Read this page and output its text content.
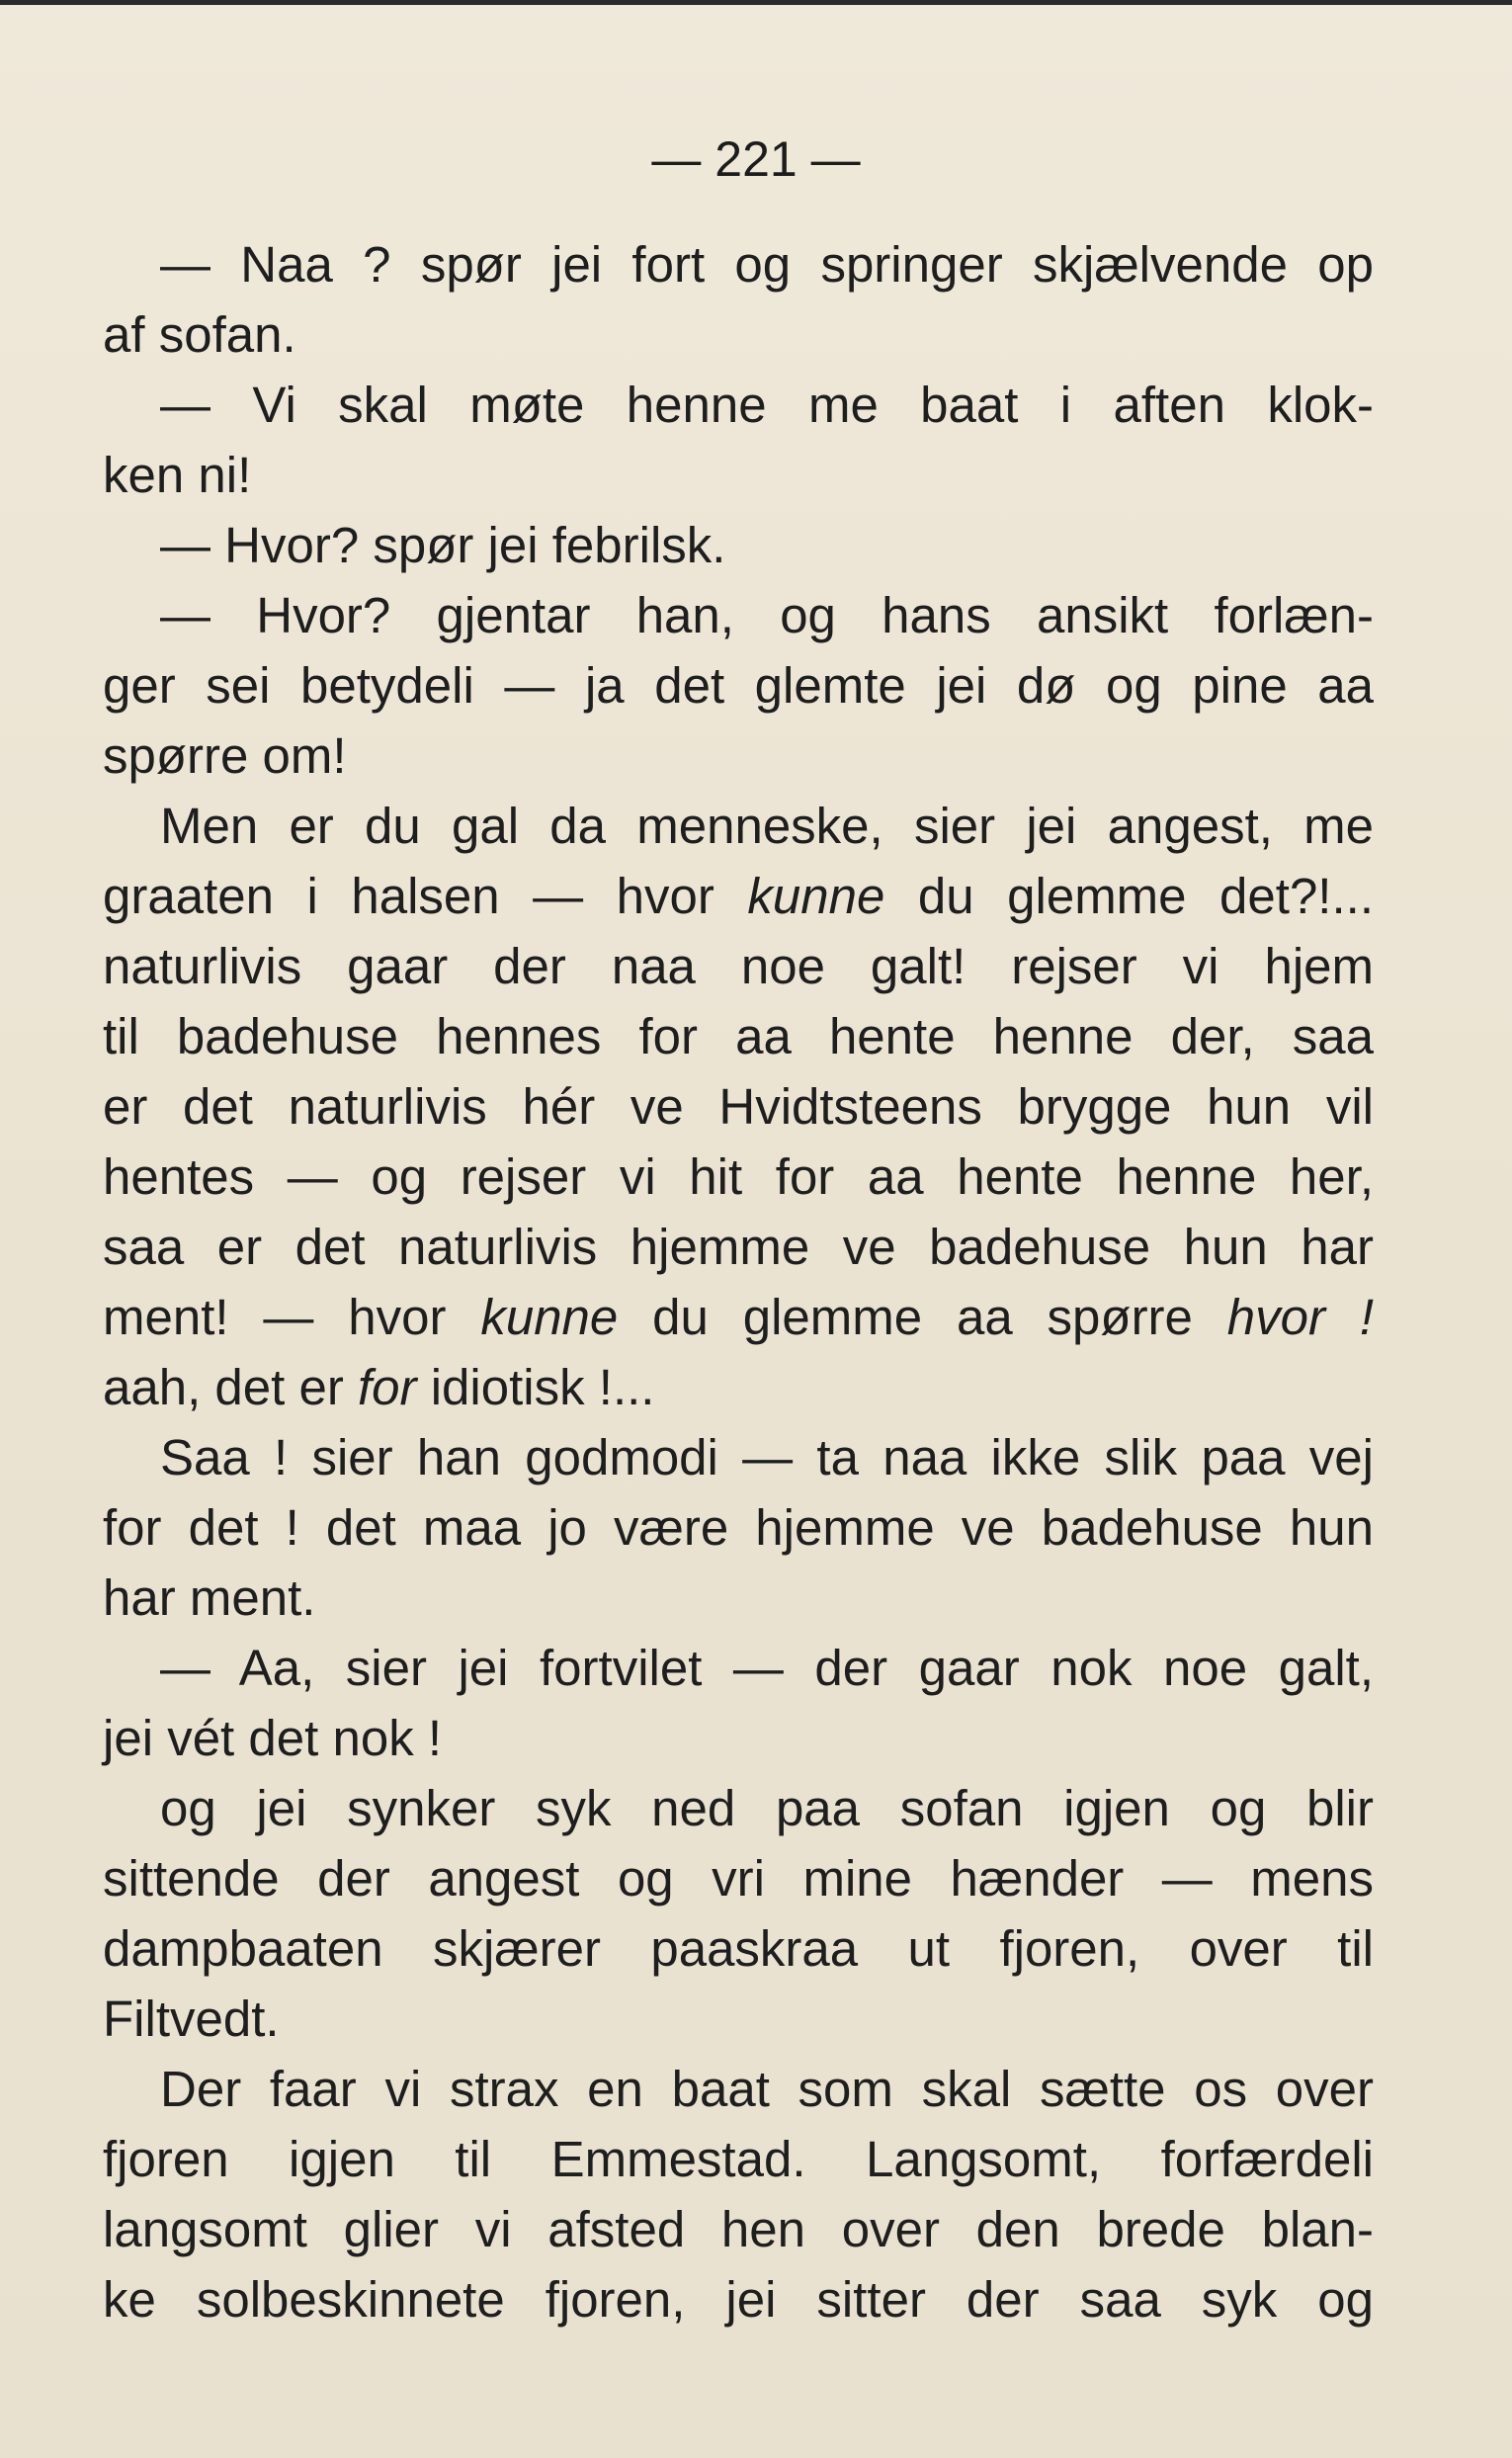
— 221 —
— Naa ? spør jei fort og springer skjælvende op
af sofan.
— Vi skal møte henne me baat i aften klok-
ken ni!
— Hvor? spør jei febrilsk.
— Hvor? gjentar han, og hans ansikt forlæn-
ger sei betydeli — ja det glemte jei dø og pine aa
spørre om!
Men er du gal da menneske, sier jei angest, me
graaten i halsen — hvor kunne du glemme det?!...
naturlivis gaar der naa noe galt! rejser vi hjem
til badehuse hennes for aa hente henne der, saa
er det naturlivis hér ve Hvidtsteens brygge hun vil
hentes — og rejser vi hit for aa hente henne her,
saa er det naturlivis hjemme ve badehuse hun har
ment! — hvor kunne du glemme aa spørre hvor !
aah, det er for idiotisk !...
Saa ! sier han godmodi — ta naa ikke slik paa vej
for det ! det maa jo være hjemme ve badehuse hun
har ment.
— Aa, sier jei fortvilet — der gaar nok noe galt,
jei vét det nok !
og jei synker syk ned paa sofan igjen og blir
sittende der angest og vri mine hænder — mens
dampbaaten skjærer paaskraa ut fjoren, over til
Filtvedt.
Der faar vi strax en baat som skal sætte os over
fjoren igjen til Emmestad. Langsomt, forfærdeli
langsomt glier vi afsted hen over den brede blan-
ke solbeskinnete fjoren, jei sitter der saa syk og
